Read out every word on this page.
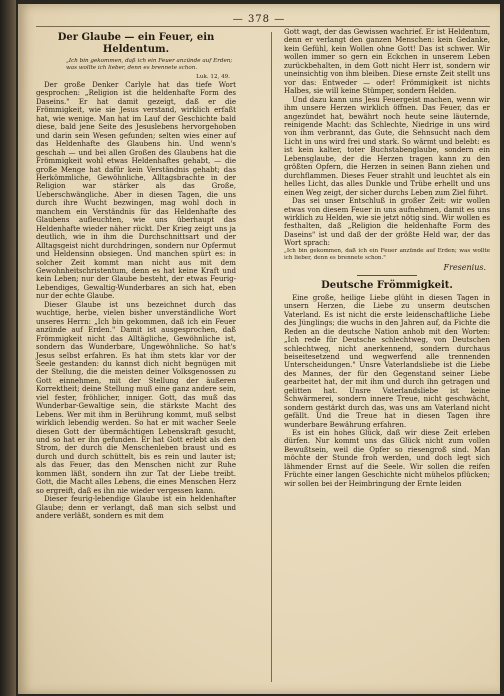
— 378 —
Der Glaube — ein Feuer, ein Heldentum.
„Ich bin gekommen, daß ich ein Feuer anzünde auf Erden; was wollte ich lieber, denn es brennete schon.
Luk. 12, 49.

Der große Denker Carlyle hat das tiefe Wort gesprochen: „Religion ist die heldenhafte Form des Daseins." Er hat damit gezeigt, daß er die Frömmigkeit, wie sie Jesus verstand, wirklich erfaßt hat, wie wenige. Man hat im Lauf der Geschichte bald diese, bald jene Seite des Jesuslebens hervorgehoben und darin sein Wesen gefunden; selten wies einer auf das Heldenhafte des Glaubens hin. Und wenn's geschah — und bei allen Großen des Glaubens hat die Frömmigkeit wohl etwas Heldenhaftes gehabt, — die große Menge hat dafür kein Verständnis gehabt; das Herkömmliche, Gewöhnliche, Alltagsbrachte in der Religion war stärker als das Große, Ueberschwängliche. Aber in diesen Tagen, die uns durch ihre Wucht bezwingen, mag wohl doch in manchem ein Verständnis für das Heldenhafte des Glaubens aufleuchten, wie uns überhaupt das Heldenhafte wieder näher rückt. Der Krieg zeigt uns ja deutlich, wie in ihm die Durchschnittsart und der Alltagsgeist nicht durchdringen, sondern nur Opfermut und Heldensinn obsiegen. Und manchen spürt es: in solcher Zeit kommt man nicht aus mit dem Gewohnheitschristentum, denn es hat keine Kraft und kein Leben; nur der Glaube besteht, der etwas Feurig-Lebendiges, Gewaltig-Wunderbares an sich hat, eben nur der echte Glaube.

Dieser Glaube ist uns bezeichnet durch das wuchtige, herbe, vielen bisher unverständliche Wort unseres Herrn: „Ich bin gekommen, daß ich ein Feuer anzünde auf Erden." Damit ist ausgesprochen, daß Frömmigkeit nicht das Alltägliche, Gewöhnliche ist, sondern das Wunderbare, Ungewöhnliche. So hat's Jesus selbst erfahren. Es hat ihm stets klar vor der Seele gestanden: du kannst dich nicht begnügen mit der Stellung, die die meisten deiner Volksgenossen zu Gott einnehmen, mit der Stellung der äußeren Korrektheit; deine Stellung muß eine ganz andere sein, viel fester, fröhlicher, inniger. Gott, das muß das Wunderbar-Gewaltige sein, die stärkste Macht des Lebens. Wer mit ihm in Berührung kommt, muß selbst wirklich lebendig werden. So hat er mit wacher Seele diesen Gott der übermächtigen Lebenskraft gesucht, und so hat er ihn gefunden. Er hat Gott erlebt als den Strom, der durch die Menschenleben braust und es durch und durch schüttelt, bis es rein und lauter ist; als das Feuer, das den Menschen nicht zur Ruhe kommen läßt, sondern ihn zur Tat der Liebe treibt. Gott, die Macht alles Lebens, die eines Menschen Herz so ergreift, daß es ihn nie wieder vergessen kann.

Dieser feurig-lebendige Glaube ist ein heldenhafter Glaube; denn er verlangt, daß man sich selbst und andere verläßt, sondern es mit dem

Gott wagt, der das Gewissen wachrief. Er ist Heldentum, denn er verlangt den ganzen Menschen: kein Gedanke, kein Gefühl, kein Wollen ohne Gott! Das ist schwer. Wir wollen immer so gern ein Eckchen in unserem Leben zurückbehalten, in dem Gott nicht Herr ist, sondern wir uneinsichtig von ihm bleiben. Diese ernste Zeit stellt uns vor das: Entweder — oder! Frömmigkeit ist nichts Halbes, sie will keine Stümper, sondern Helden.

Und dazu kann uns Jesu Feuergeist machen, wenn wir ihm unsere Herzen wirklich öffnen. Das Feuer, das er angezündet hat, bewährt noch heute seine läuternde, reinigende Macht: das Schlechte, Niedrige in uns wird von ihm verbrannt, das Gute, die Sehnsucht nach dem Licht in uns wird frei und stark. So wärmt und belebt: es ist kein kalter, toter Buchstabenglaube, sondern ein Lebensglaube, der die Herzen tragen kann zu den größten Opfern, die Herzen in seinen Bann ziehen und durchflammen. Dieses Feuer strahlt und leuchtet als ein helles Licht, das alles Dunkle und Trübe erhellt und uns einen Weg zeigt, der sicher durchs Leben zum Ziel führt.

Das sei unser Entschluß in großer Zeit: wir wollen etwas von diesem Feuer in uns aufnehmen, damit es uns wirklich zu Helden, wie sie jetzt nötig sind. Wir wollen es festhalten, daß „Religion die heldenhafte Form des Daseins" ist und daß der der größte Held war, der das Wort sprach:

„Ich bin gekommen, daß ich ein Feuer anzünde auf Erden; was wollte ich lieber, denn es brennete schon."

Fresenius.
Deutsche Frömmigkeit.

Eine große, heilige Liebe glüht in diesen Tagen in unsern Herzen, die Liebe zu unserm deutschen Vaterland. Es ist nicht die erste leidenschaftliche Liebe des Jünglings; die wuchs in den Jahren auf, da Fichte die Reden an die deutsche Nation anhob mit den Worten: „Ich rede für Deutsche schlechtweg, von Deutschen schlechtweg, nicht anerkennend, sondern durchaus beiseitesetzend und wegwerfend alle trennenden Unterscheidungen." Unsre Vaterlandsliebe ist die Liebe des Mannes, der für den Gegenstand seiner Liebe gearbeitet hat, der mit ihm und durch ihn getragen und gelitten hat. Unsre Vaterlandsliebe ist keine Schwärmerei, sondern innere Treue, nicht geschwächt, sondern gestärkt durch das, was uns am Vaterland nicht gefällt. Und die Treue hat in diesen Tagen ihre wunderbare Bewährung erfahren.

Es ist ein hohes Glück, daß wir diese Zeit erleben dürfen. Nur kommt uns das Glück nicht zum vollen Bewußtsein, weil die Opfer so riesengroß sind. Man möchte der Stunde froh werden, und doch legt sich lähmender Ernst auf die Seele. Wir sollen die reifen Früchte einer langen Geschichte nicht mühelos pflücken; wir sollen bei der Heimbringung der Ernte leiden
